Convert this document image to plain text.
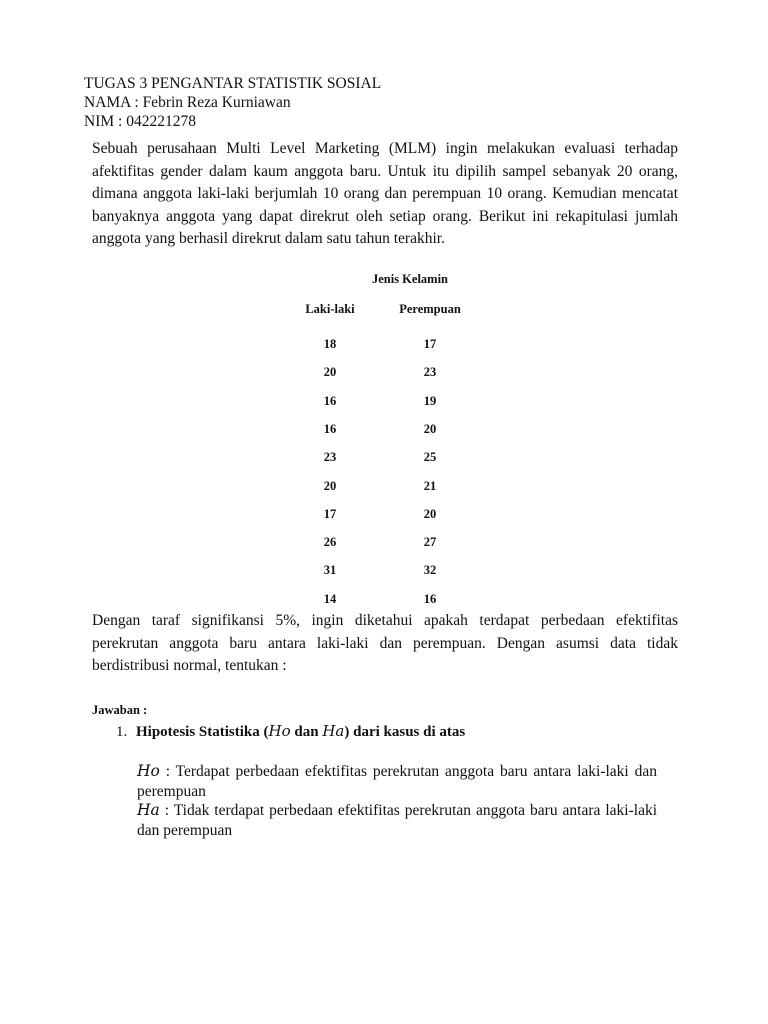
TUGAS 3 PENGANTAR STATISTIK SOSIAL
NAMA : Febrin Reza Kurniawan
NIM : 042221278
Sebuah perusahaan Multi Level Marketing (MLM) ingin melakukan evaluasi terhadap afektifitas gender dalam kaum anggota baru. Untuk itu dipilih sampel sebanyak 20 orang, dimana anggota laki-laki berjumlah 10 orang dan perempuan 10 orang. Kemudian mencatat banyaknya anggota yang dapat direkrut oleh setiap orang. Berikut ini rekapitulasi jumlah anggota yang berhasil direkrut dalam satu tahun terakhir.
Jenis Kelamin
Laki-laki	Perempuan
18	17
20	23
16	19
16	20
23	25
20	21
17	20
26	27
31	32
14	16
Dengan taraf signifikansi 5%, ingin diketahui apakah terdapat perbedaan efektifitas perekrutan anggota baru antara laki-laki dan perempuan. Dengan asumsi data tidak berdistribusi normal, tentukan :
Jawaban :
1. Hipotesis Statistika (Ho dan Ha) dari kasus di atas
Ho : Terdapat perbedaan efektifitas perekrutan anggota baru antara laki-laki dan perempuan
Ha : Tidak terdapat perbedaan efektifitas perekrutan anggota baru antara laki-laki dan perempuan
